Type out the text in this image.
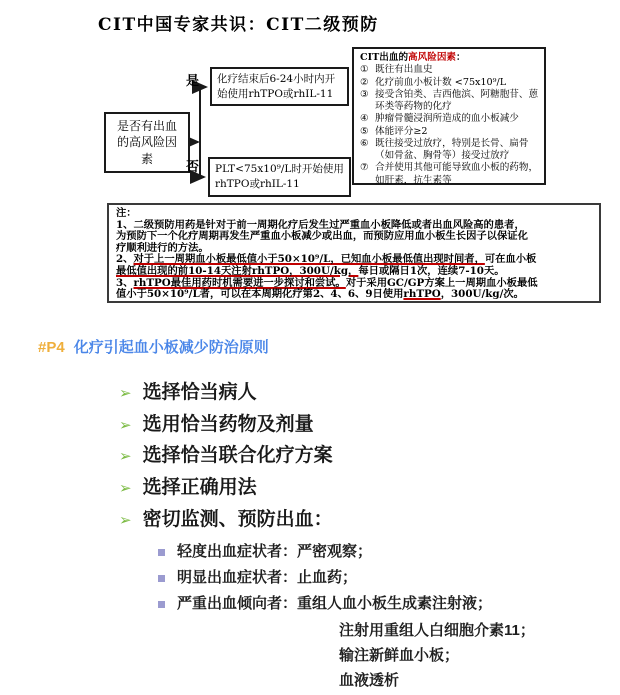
CIT中国专家共识：CIT二级预防
是否有出血的高风险因素
是
否
化疗结束后6-24小时内开始使用rhTPO或rhIL-11
PLT<75x10⁹/L时开始使用rhTPO或rhIL-11
CIT出血的高风险因素：
① 既往有出血史
② 化疗前血小板计数 <75x10⁹/L
③ 接受含铂类、吉西他滨、阿糖胞苷、蒽环类等药物的化疗
④ 肿瘤骨髓浸润所造成的血小板减少
⑤ 体能评分≥2
⑥ 既往接受过放疗，特别是长骨、扁骨（如骨盆、胸骨等）接受过放疗
⑦ 合并使用其他可能导致血小板的药物，如肝素，抗生素等
注：
1、二级预防用药是针对于前一周期化疗后发生过严重血小板降低或者出血风险高的患者，
为预防下一个化疗周期再发生严重血小板减少或出血，而预防应用血小板生长因子以保证化
疗顺利进行的方法。
2、对于上一周期血小板最低值小于50×10⁹/L，已知血小板最低值出现时间者，可在血小板
最低值出现的前10-14天注射rhTPO，300U/kg，每日或隔日1次，连续7-10天。
3、rhTPO最佳用药时机需要进一步探讨和尝试。对于采用GC/GP方案上一周期血小板最低
值小于50×10⁹/L者，可以在本周期化疗第2、4、6、9日使用rhTPO，300U/kg/次。
#P4 化疗引起血小板减少防治原则
➢ 选择恰当病人
➢ 选用恰当药物及剂量
➢ 选择恰当联合化疗方案
➢ 选择正确用法
➢ 密切监测、预防出血：
轻度出血症状者：严密观察；
明显出血症状者：止血药；
严重出血倾向者：重组人血小板生成素注射液；
注射用重组人白细胞介素11；
输注新鲜血小板；
血液透析
